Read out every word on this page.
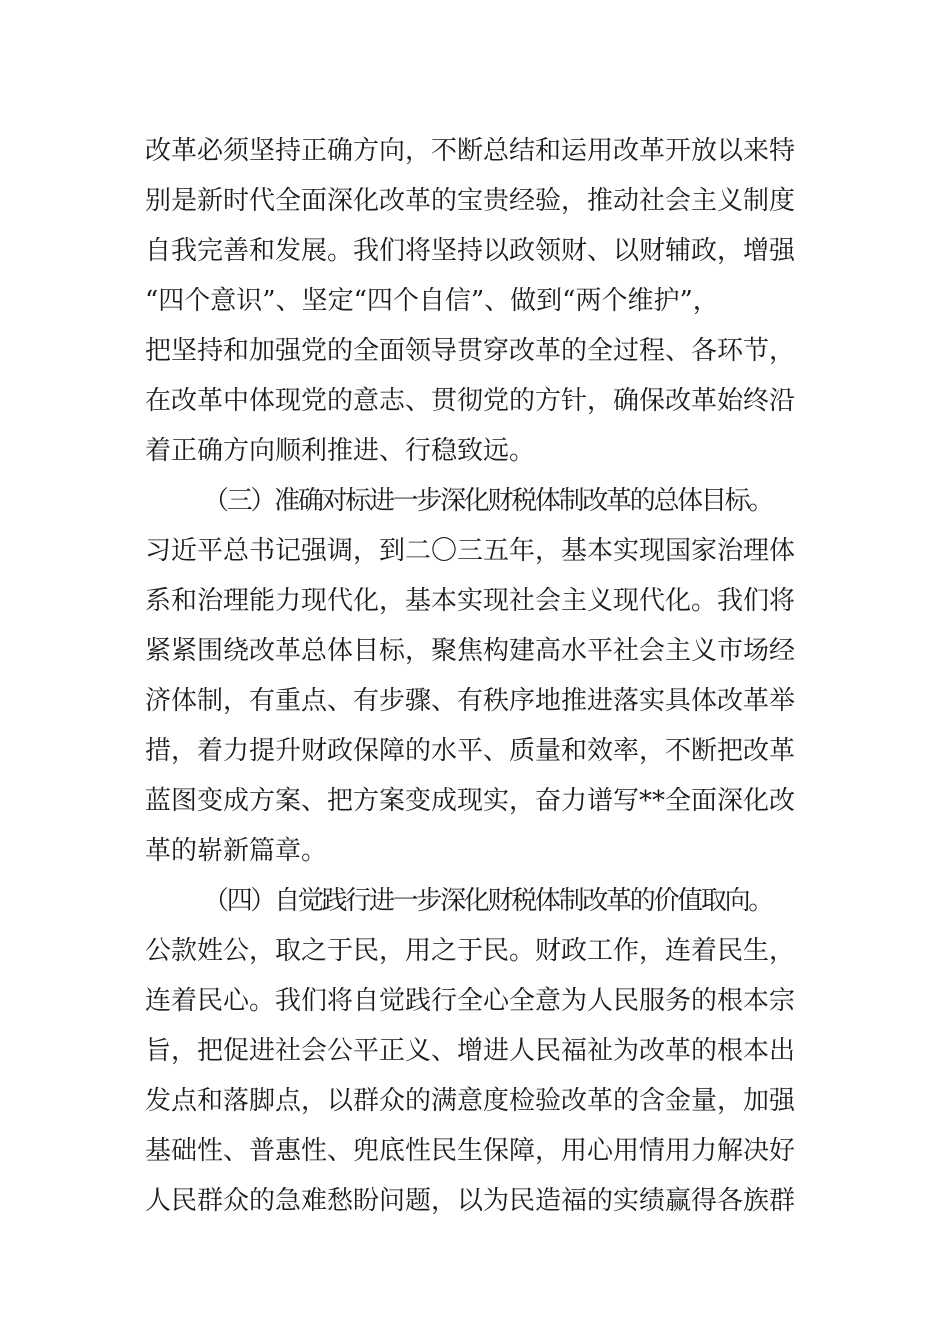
改革必须坚持正确方向，不断总结和运用改革开放以来特
别是新时代全面深化改革的宝贵经验，推动社会主义制度
自我完善和发展。我们将坚持以政领财、以财辅政，增强
“四个意识”、坚定“四个自信”、做到“两个维护”，
把坚持和加强党的全面领导贯穿改革的全过程、各环节，
在改革中体现党的意志、贯彻党的方针，确保改革始终沿
着正确方向顺利推进、行稳致远。
（三）准确对标进一步深化财税体制改革的总体目标。
习近平总书记强调，到二〇三五年，基本实现国家治理体
系和治理能力现代化，基本实现社会主义现代化。我们将
紧紧围绕改革总体目标，聚焦构建高水平社会主义市场经
济体制，有重点、有步骤、有秩序地推进落实具体改革举
措，着力提升财政保障的水平、质量和效率，不断把改革
蓝图变成方案、把方案变成现实，奋力谱写**全面深化改
革的崭新篇章。
（四）自觉践行进一步深化财税体制改革的价值取向。
公款姓公，取之于民，用之于民。财政工作，连着民生，
连着民心。我们将自觉践行全心全意为人民服务的根本宗
旨，把促进社会公平正义、增进人民福祉为改革的根本出
发点和落脚点，以群众的满意度检验改革的含金量，加强
基础性、普惠性、兜底性民生保障，用心用情用力解决好
人民群众的急难愁盼问题，以为民造福的实绩赢得各族群
